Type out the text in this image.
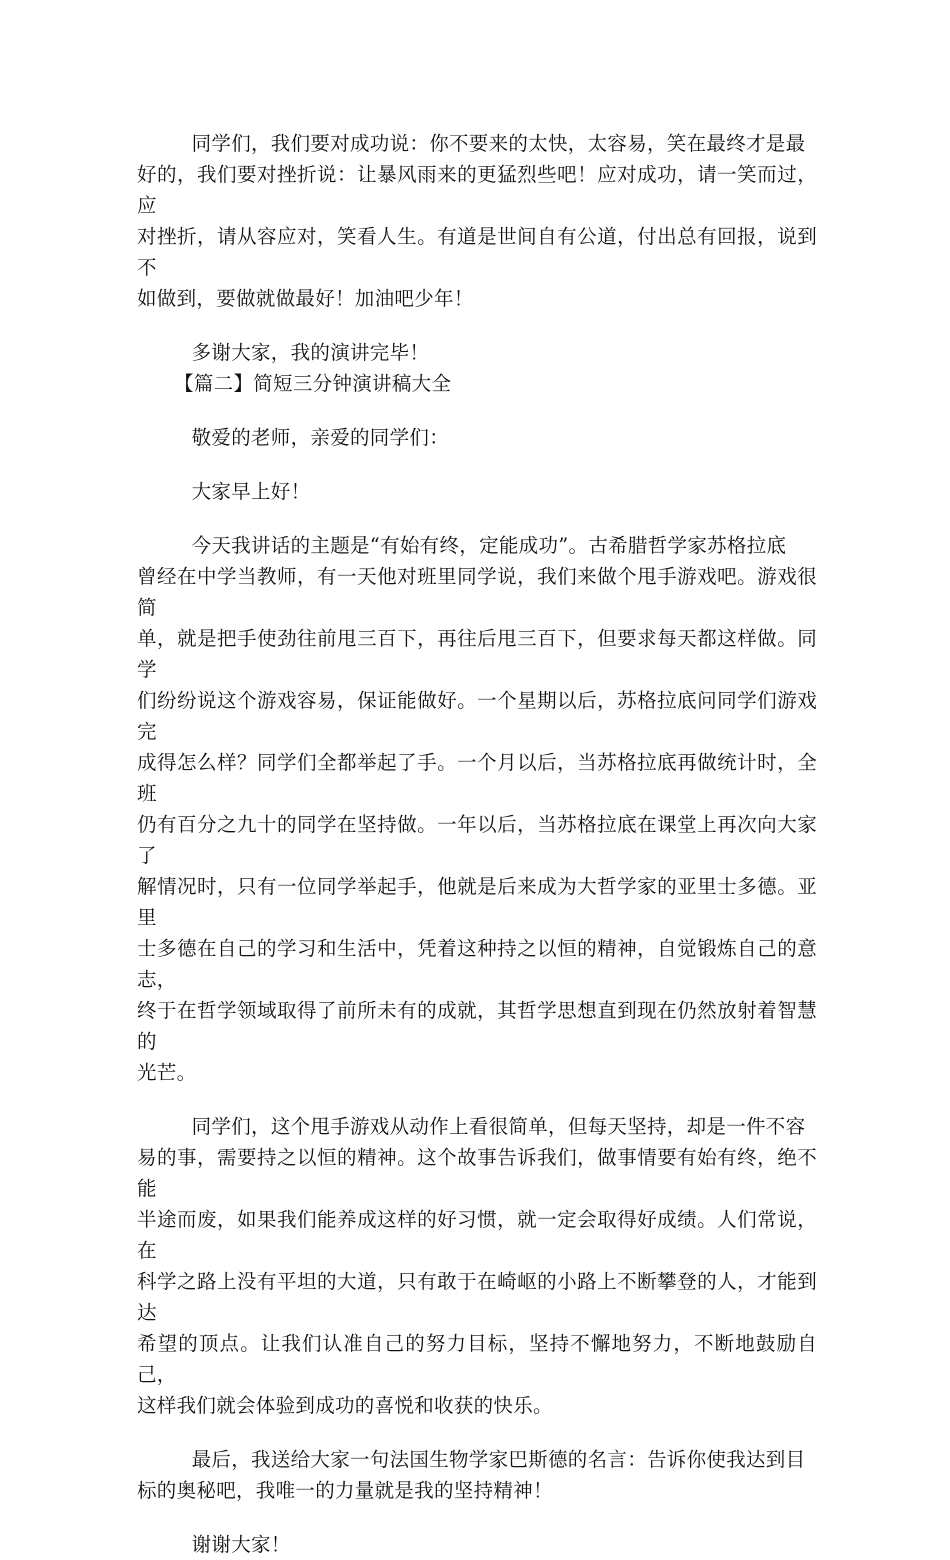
同学们，我们要对成功说：你不要来的太快，太容易，笑在最终才是最
好的，我们要对挫折说：让暴风雨来的更猛烈些吧！应对成功，请一笑而过，应
对挫折，请从容应对，笑看人生。有道是世间自有公道，付出总有回报，说到不
如做到，要做就做最好！加油吧少年！

多谢大家，我的演讲完毕！

【篇二】简短三分钟演讲稿大全

敬爱的老师，亲爱的同学们：

大家早上好！

今天我讲话的主题是“有始有终，定能成功”。古希腊哲学家苏格拉底
曾经在中学当教师，有一天他对班里同学说，我们来做个甩手游戏吧。游戏很简
单，就是把手使劲往前甩三百下，再往后甩三百下，但要求每天都这样做。同学
们纷纷说这个游戏容易，保证能做好。一个星期以后，苏格拉底问同学们游戏完
成得怎么样？同学们全都举起了手。一个月以后，当苏格拉底再做统计时，全班
仍有百分之九十的同学在坚持做。一年以后，当苏格拉底在课堂上再次向大家了
解情况时，只有一位同学举起手，他就是后来成为大哲学家的亚里士多德。亚里
士多德在自己的学习和生活中，凭着这种持之以恒的精神，自觉锻炼自己的意志，
终于在哲学领域取得了前所未有的成就，其哲学思想直到现在仍然放射着智慧的
光芒。

同学们，这个甩手游戏从动作上看很简单，但每天坚持，却是一件不容
易的事，需要持之以恒的精神。这个故事告诉我们，做事情要有始有终，绝不能
半途而废，如果我们能养成这样的好习惯，就一定会取得好成绩。人们常说，在
科学之路上没有平坦的大道，只有敢于在崎岖的小路上不断攀登的人，才能到达
希望的顶点。让我们认准自己的努力目标，坚持不懈地努力，不断地鼓励自己，
这样我们就会体验到成功的喜悦和收获的快乐。

最后，我送给大家一句法国生物学家巴斯德的名言：告诉你使我达到目
标的奥秘吧，我唯一的力量就是我的坚持精神！

谢谢大家！
